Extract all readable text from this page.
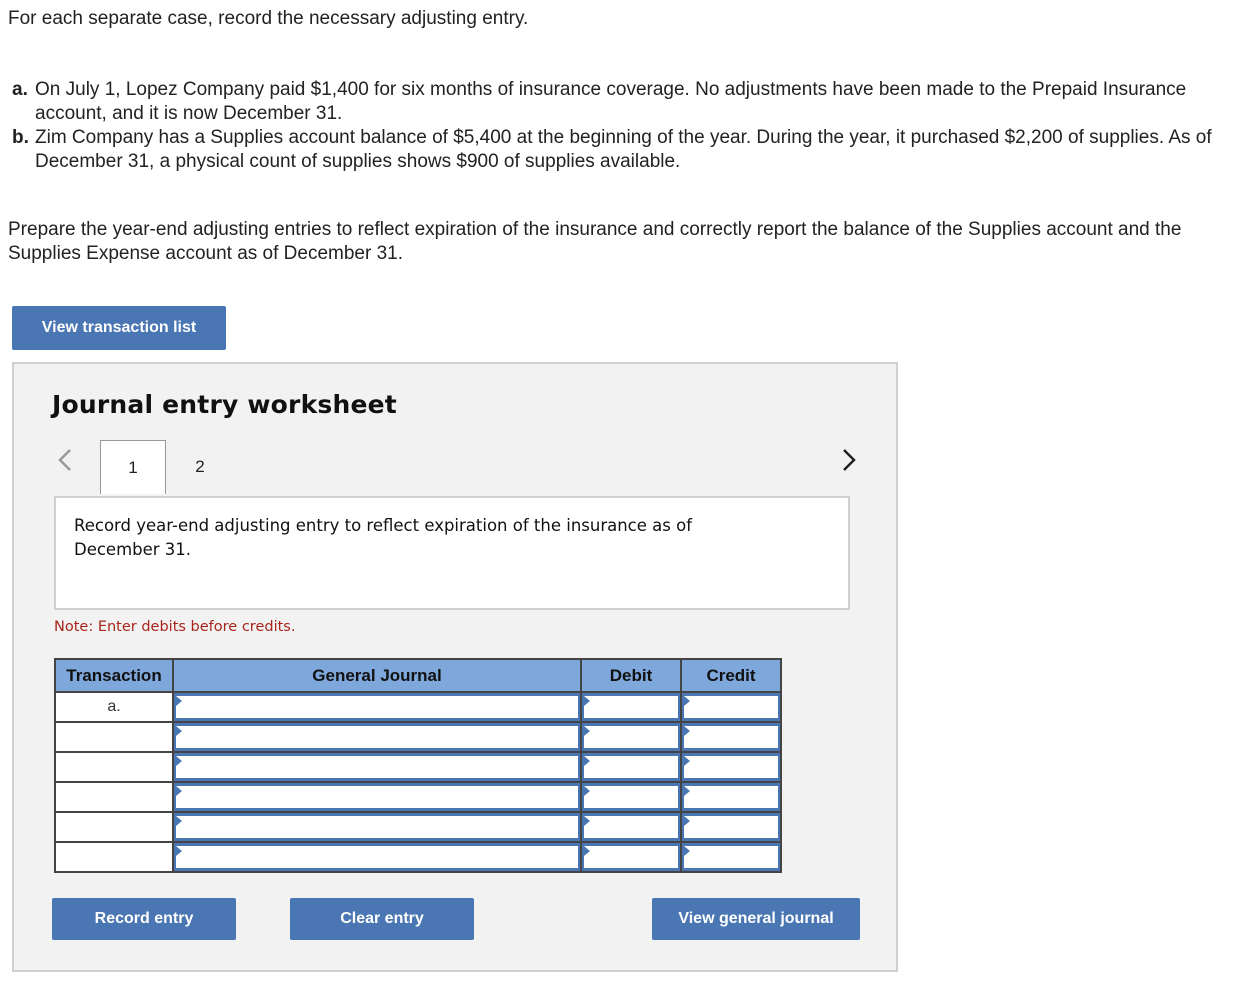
For each separate case, record the necessary adjusting entry.
a. On July 1, Lopez Company paid $1,400 for six months of insurance coverage. No adjustments have been made to the Prepaid Insurance account, and it is now December 31.
b. Zim Company has a Supplies account balance of $5,400 at the beginning of the year. During the year, it purchased $2,200 of supplies. As of December 31, a physical count of supplies shows $900 of supplies available.
Prepare the year-end adjusting entries to reflect expiration of the insurance and correctly report the balance of the Supplies account and the Supplies Expense account as of December 31.
View transaction list
Journal entry worksheet
1	2
Record year-end adjusting entry to reflect expiration of the insurance as of December 31.
Note: Enter debits before credits.
Transaction	General Journal	Debit	Credit
a.	

Record entry	Clear entry	View general journal
